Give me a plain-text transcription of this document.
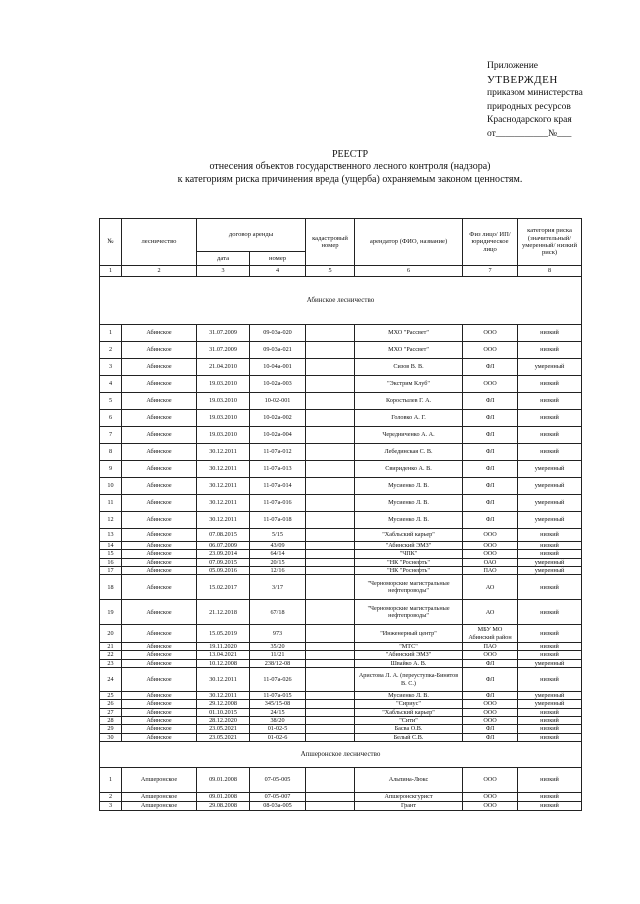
Приложение
УТВЕРЖДЕН
приказом министерства
природных ресурсов
Краснодарского края
от___________№___
РЕЕСТР
отнесения объектов государственного лесного контроля (надзора)
к категориям риска причинения вреда (ущерба) охраняемым законом ценностям.
№	лесничество	договор аренды		кадастровый номер	арендатор (ФИО, название)	Физ лицо/ ИП/ юридическое лицо	категория риска (значительный/умеренный/ низкий риск)
		дата	номер				
1	2	3	4	5	6	7	8
Абинское лесничество							
1	Абинское	31.07.2009	09-03а-020		МХО "Рассвет"	ООО	низкий
2	Абинское	31.07.2009	09-03а-021		МХО "Рассвет"	ООО	низкий
3	Абинское	21.04.2010	10-04а-001		Сизов В. В.	ФЛ	умеренный
4	Абинское	19.03.2010	10-02а-003		"Экстрим Клуб"	ООО	низкий
5	Абинское	19.03.2010	10-02-001		Коростылев Г. А.	ФЛ	низкий
6	Абинское	19.03.2010	10-02а-002		Головко А. Г.	ФЛ	низкий
7	Абинское	19.03.2010	10-02а-004		Чередниченко А. А.	ФЛ	низкий
8	Абинское	30.12.2011	11-07а-012		Лебединская С. В.	ФЛ	низкий
9	Абинское	30.12.2011	11-07а-013		Свириденко А. В.	ФЛ	умеренный
10	Абинское	30.12.2011	11-07а-014		Мусиенко Л. В.	ФЛ	умеренный
11	Абинское	30.12.2011	11-07а-016		Мусиенко Л. В.	ФЛ	умеренный
12	Абинское	30.12.2011	11-07а-018		Мусиенко Л. В.	ФЛ	умеренный
13	Абинское	07.08.2015	5/15		"Хабльский карьер"	ООО	низкий
14	Абинское	06.07.2009	43/09		"Абинский ЭМЗ"	ООО	низкий
15	Абинское	23.09.2014	64/14		"ЧПК"	ООО	низкий
16	Абинское	07.09.2015	20/15		"НК "Роснефть"	ОАО	умеренный
17	Абинское	05.09.2016	12/16		"НК "Роснефть"	ПАО	умеренный
18	Абинское	15.02.2017	3/17		"Черноморские магистральные нефтепроводы"	АО	низкий
19	Абинское	21.12.2018	67/18		"Черноморские магистральные нефтепроводы"	АО	низкий
20	Абинское	15.05.2019	973		"Инженерный центр"	МБУ МО Абинский район	низкий
21	Абинское	19.11.2020	35/20		"МТС"	ПАО	низкий
22	Абинское	13.04.2021	11/21		"Абинский ЭМЗ"	ООО	низкий
23	Абинское	10.12.2008	238/12-08		Швайко А. В.	ФЛ	умеренный
24	Абинское	30.12.2011	11-07а-026		Аристова Л. А. (переуступка-Бинятов В. С.)	ФЛ	низкий
25	Абинское	30.12.2011	11-07а-015		Мусиенко Л. В.	ФЛ	умеренный
26	Абинское	29.12.2008	345/15-08		"Сириус"	ООО	умеренный
27	Абинское	01.10.2015	24/15		"Хабльский карьер"	ООО	низкий
28	Абинское	28.12.2020	38/20		"Сити"	ООО	низкий
29	Абинское	23.05.2021	01-02-5		Басва О.В.	ФЛ	низкий
30	Абинское	23.05.2021	01-02-6		Белый С.В.	ФЛ	низкий
Апшеронское лесничество							
1	Апшеронское	09.01.2008	07-05-005		Альпина-Люкс	ООО	низкий
2	Апшеронское	09.01.2008	07-05-007		Апшеронскгурист	ООО	низкий
3	Апшеронское	29.08.2008	08-03а-005		Грант	ООО	низкий
